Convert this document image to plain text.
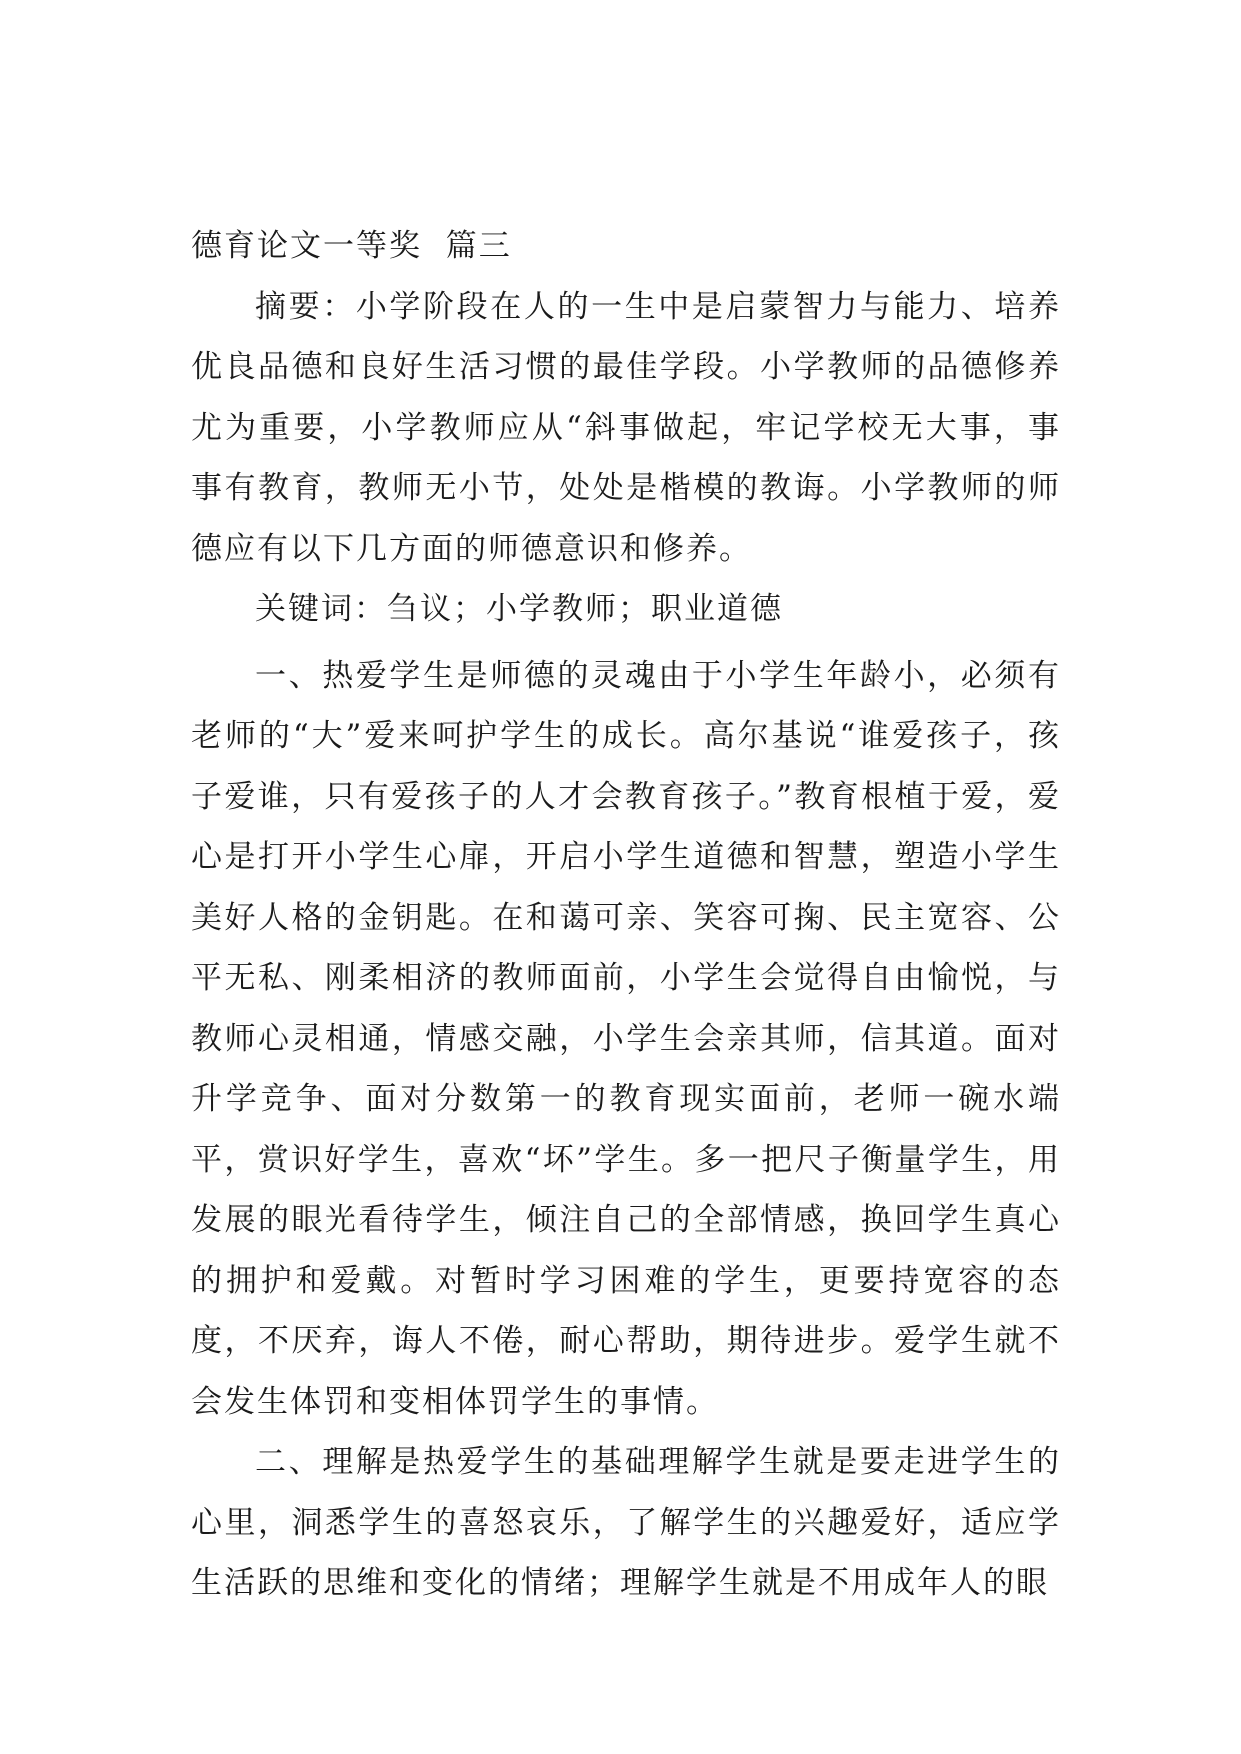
德育论文一等奖  篇三

摘要：小学阶段在人的一生中是启蒙智力与能力、培养优良品德和良好生活习惯的最佳学段。小学教师的品德修养尤为重要，小学教师应从“斜事做起，牢记学校无大事，事事有教育，教师无小节，处处是楷模的教诲。小学教师的师德应有以下几方面的师德意识和修养。

关键词：刍议；小学教师；职业道德

一、热爱学生是师德的灵魂由于小学生年龄小，必须有老师的“大”爱来呵护学生的成长。高尔基说“谁爱孩子，孩子爱谁，只有爱孩子的人才会教育孩子。”教育根植于爱，爱心是打开小学生心扉，开启小学生道德和智慧，塑造小学生美好人格的金钥匙。在和蔼可亲、笑容可掬、民主宽容、公平无私、刚柔相济的教师面前，小学生会觉得自由愉悦，与教师心灵相通，情感交融，小学生会亲其师，信其道。面对升学竞争、面对分数第一的教育现实面前，老师一碗水端平，赏识好学生，喜欢“坏”学生。多一把尺子衡量学生，用发展的眼光看待学生，倾注自己的全部情感，换回学生真心的拥护和爱戴。对暂时学习困难的学生，更要持宽容的态度，不厌弃，诲人不倦，耐心帮助，期待进步。爱学生就不会发生体罚和变相体罚学生的事情。

二、理解是热爱学生的基础理解学生就是要走进学生的心里，洞悉学生的喜怒哀乐，了解学生的兴趣爱好，适应学生活跃的思维和变化的情绪；理解学生就是不用成年人的眼
